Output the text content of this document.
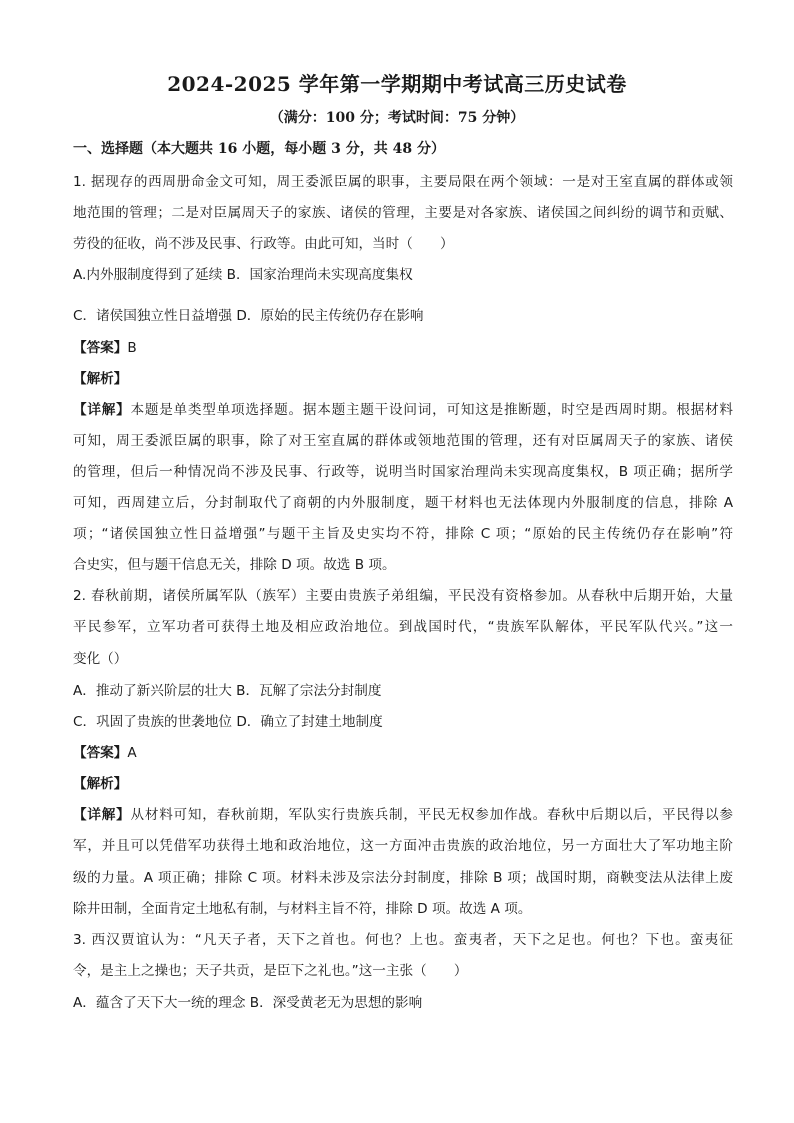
2024-2025 学年第一学期期中考试高三历史试卷
（满分：100 分；考试时间：75 分钟）
一、选择题（本大题共 16 小题，每小题 3 分，共 48 分）
1. 据现存的西周册命金文可知，周王委派臣属的职事，主要局限在两个领域：一是对王室直属的群体或领
地范围的管理；二是对臣属周天子的家族、诸侯的管理，主要是对各家族、诸侯国之间纠纷的调节和贡赋、
劳役的征收，尚不涉及民事、行政等。由此可知，当时（　　）
A.内外服制度得到了延续 B．国家治理尚未实现高度集权
C．诸侯国独立性日益增强 D．原始的民主传统仍存在影响
【答案】B
【解析】
【详解】本题是单类型单项选择题。据本题主题干设问词，可知这是推断题，时空是西周时期。根据材料
可知，周王委派臣属的职事，除了对王室直属的群体或领地范围的管理，还有对臣属周天子的家族、诸侯
的管理，但后一种情况尚不涉及民事、行政等，说明当时国家治理尚未实现高度集权，B 项正确；据所学
可知，西周建立后，分封制取代了商朝的内外服制度，题干材料也无法体现内外服制度的信息，排除 A
项；“诸侯国独立性日益增强”与题干主旨及史实均不符，排除 C 项；“原始的民主传统仍存在影响”符
合史实，但与题干信息无关，排除 D 项。故选 B 项。
2. 春秋前期，诸侯所属军队（族军）主要由贵族子弟组编，平民没有资格参加。从春秋中后期开始，大量
平民参军，立军功者可获得土地及相应政治地位。到战国时代，“贵族军队解体，平民军队代兴。”这一
变化（）
A．推动了新兴阶层的壮大 B．瓦解了宗法分封制度
C．巩固了贵族的世袭地位 D．确立了封建土地制度
【答案】A
【解析】
【详解】从材料可知，春秋前期，军队实行贵族兵制，平民无权参加作战。春秋中后期以后，平民得以参
军，并且可以凭借军功获得土地和政治地位，这一方面冲击贵族的政治地位，另一方面壮大了军功地主阶
级的力量。A 项正确；排除 C 项。材料未涉及宗法分封制度，排除 B 项；战国时期，商鞅变法从法律上废
除井田制，全面肯定土地私有制，与材料主旨不符，排除 D 项。故选 A 项。
3. 西汉贾谊认为：“凡天子者，天下之首也。何也？上也。蛮夷者，天下之足也。何也？下也。蛮夷征
令，是主上之操也；天子共贡，是臣下之礼也。”这一主张（　　）
A．蕴含了天下大一统的理念 B．深受黄老无为思想的影响
